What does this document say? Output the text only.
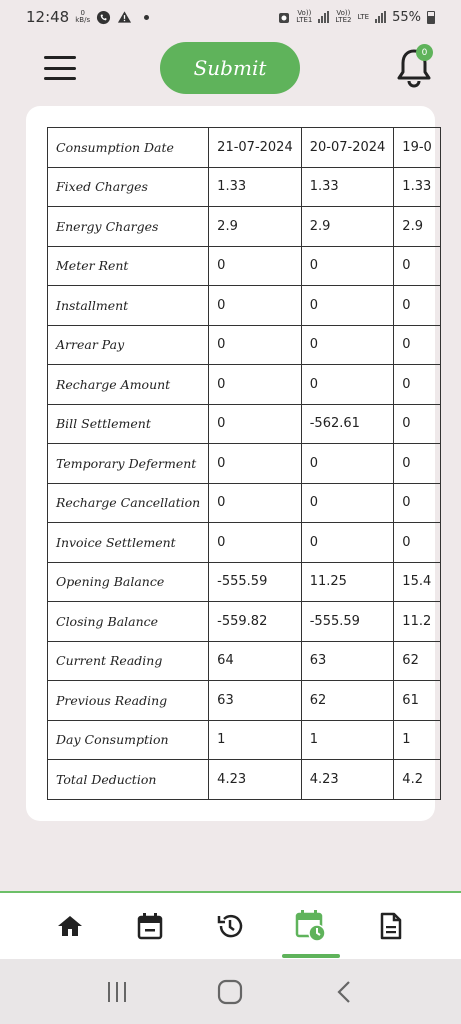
12:48	0
kB/s
Vo))
LTE1
Vo))
LTE2 LTE 55%
Submit
0
Consumption Date	21-07-2024	20-07-2024	19-0
Fixed Charges	1.33	1.33	1.33
Energy Charges	2.9	2.9	2.9
Meter Rent	0	0	0
Installment	0	0	0
Arrear Pay	0	0	0
Recharge Amount	0	0	0
Bill Settlement	0	-562.61	0
Temporary Deferment	0	0	0
Recharge Cancellation	0	0	0
Invoice Settlement	0	0	0
Opening Balance	-555.59	11.25	15.4
Closing Balance	-559.82	-555.59	11.2
Current Reading	64	63	62
Previous Reading	63	62	61
Day Consumption	1	1	1
Total Deduction	4.23	4.23	4.2
